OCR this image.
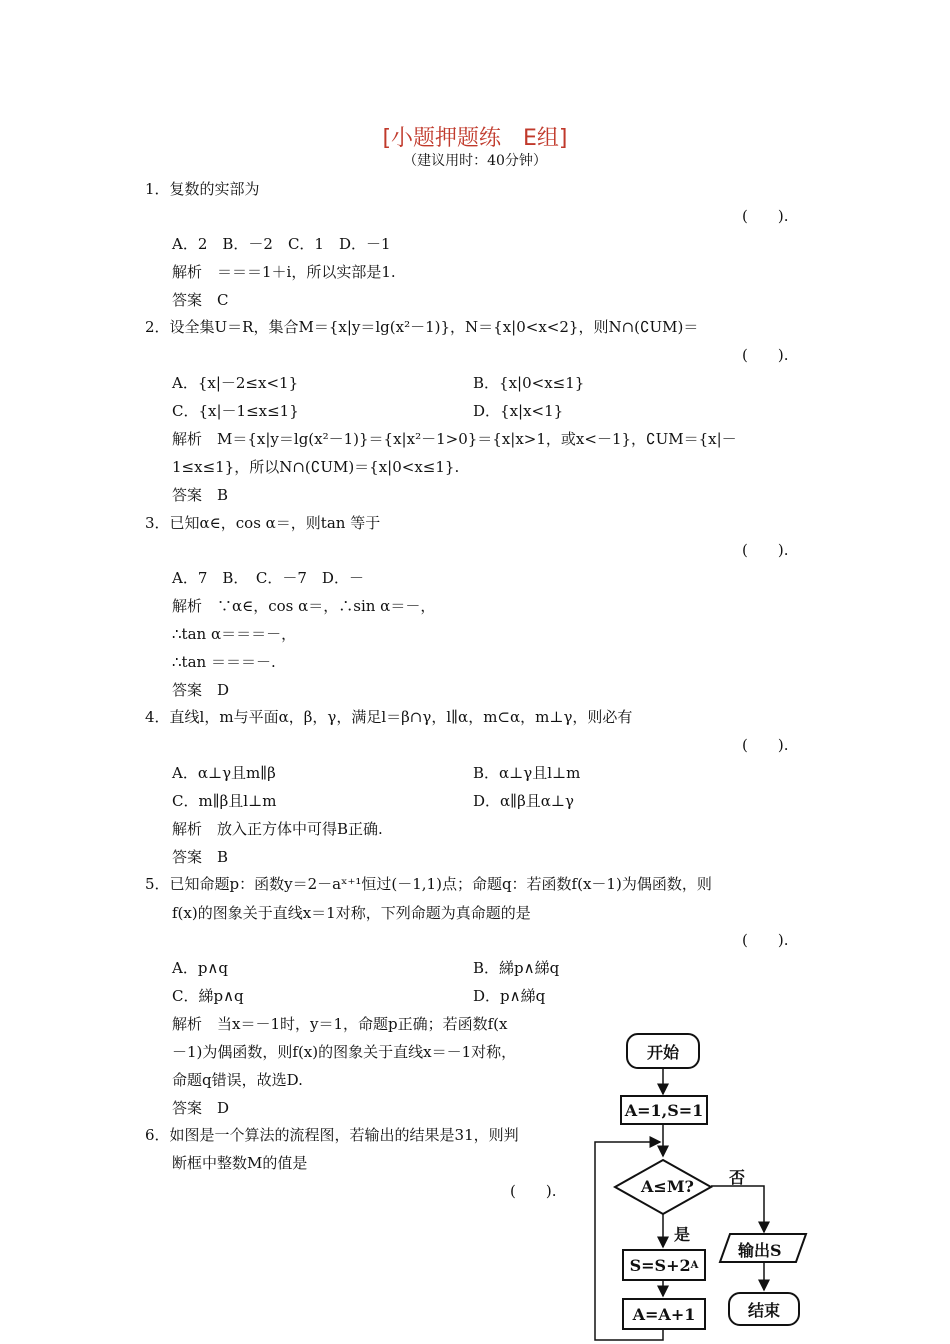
[小题押题练　E组]
（建议用时：40分钟）
1．复数的实部为
(　　).
A．2　B．－2　C．1　D．－1
解析　＝＝＝1＋i，所以实部是1.
答案　C
2．设全集U＝R，集合M＝{x|y＝lg(x²－1)}，N＝{x|0<x<2}，则N∩(∁UM)＝
(　　).
A．{x|－2≤x<1}	B．{x|0<x≤1}
C．{x|－1≤x≤1}	D．{x|x<1}
解析　M＝{x|y＝lg(x²－1)}＝{x|x²－1>0}＝{x|x>1，或x<－1}，∁UM＝{x|－
1≤x≤1}，所以N∩(∁UM)＝{x|0<x≤1}.
答案　B
3．已知α∈，cos α＝，则tan 等于
(　　).
A．7　B．　C．－7　D．－
解析　∵α∈，cos α＝，∴sin α＝－，
∴tan α＝＝＝－，
∴tan ＝＝＝－.
答案　D
4．直线l，m与平面α，β，γ，满足l＝β∩γ，l∥α，m⊂α，m⊥γ，则必有
(　　).
A．α⊥γ且m∥β	B．α⊥γ且l⊥m
C．m∥β且l⊥m	D．α∥β且α⊥γ
解析　放入正方体中可得B正确.
答案　B
5．已知命题p：函数y＝2－aˣ⁺¹恒过(－1,1)点；命题q：若函数f(x－1)为偶函数，则
f(x)的图象关于直线x＝1对称，下列命题为真命题的是
(　　).
A．p∧q	B．綈p∧綈q
C．綈p∧q	D．p∧綈q
解析　当x＝－1时，y＝1，命题p正确；若函数f(x
－1)为偶函数，则f(x)的图象关于直线x＝－1对称，
命题q错误，故选D.
答案　D
6．如图是一个算法的流程图，若输出的结果是31，则判
断框中整数M的值是
(　　).
开始
A=1,S=1
A≤M? 否
是
S=S+2 A
A=A+1
输出S
结束
